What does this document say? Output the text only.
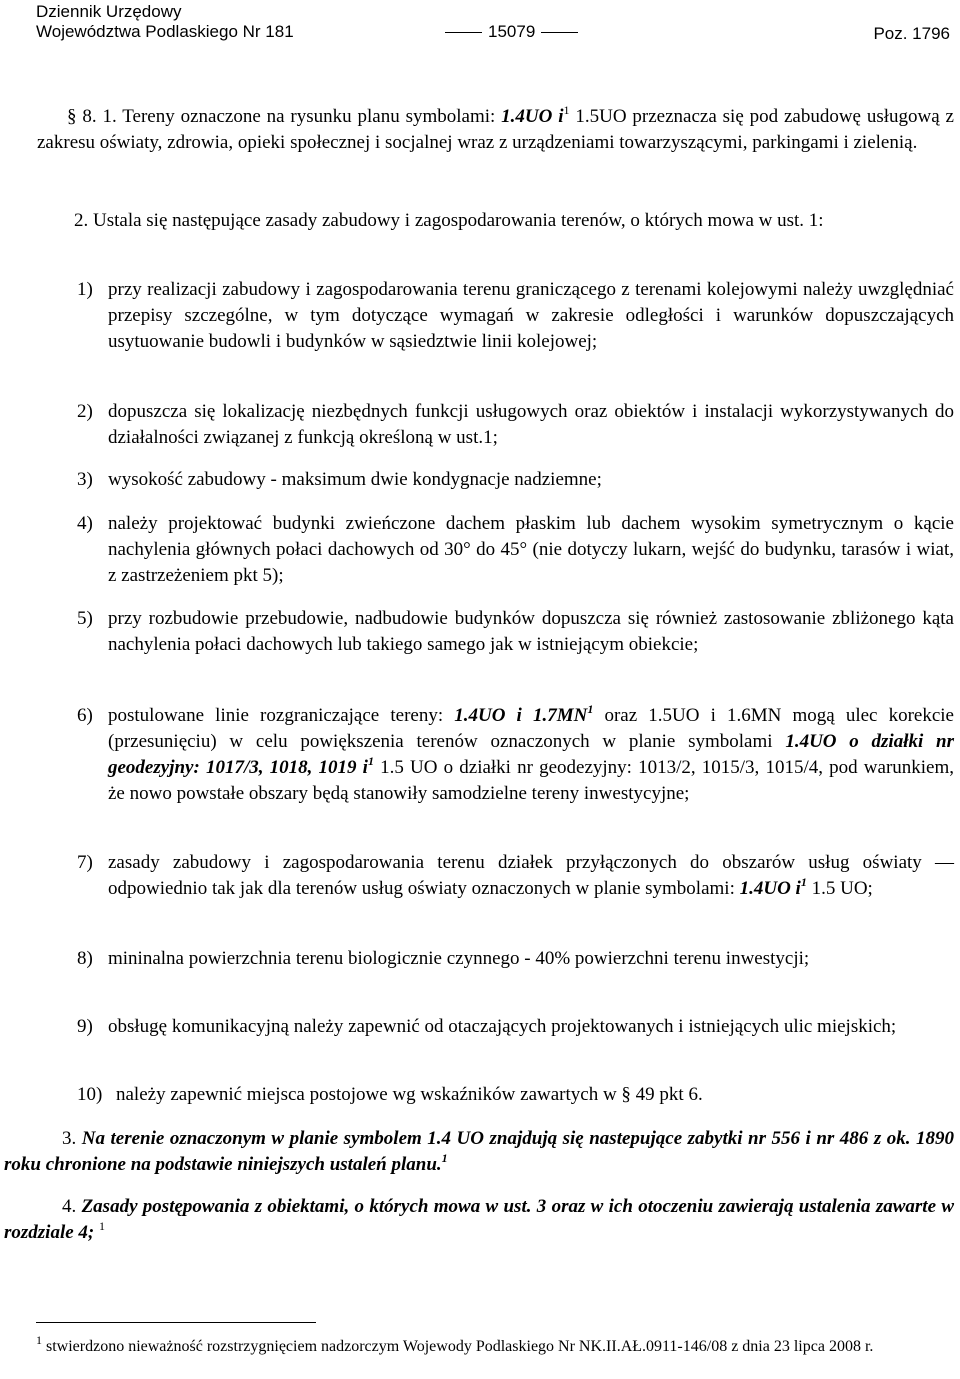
Dziennik Urzędowy
Województwa Podlaskiego Nr 181	15079	Poz. 1796
§ 8. 1. Tereny oznaczone na rysunku planu symbolami: 1.4UO $i^1$ 1.5UO przeznacza się pod zabudowę usługową z zakresu oświaty, zdrowia, opieki społecznej i socjalnej wraz z urządzeniami towarzyszącymi, parkingami i zielenią.
2. Ustala się następujące zasady zabudowy i zagospodarowania terenów, o których mowa w ust. 1:
1) przy realizacji zabudowy i zagospodarowania terenu graniczącego z terenami kolejowymi należy uwzględniać przepisy szczególne, w tym dotyczące wymagań w zakresie odległości i warunków dopuszczających usytuowanie budowli i budynków w sąsiedztwie linii kolejowej;
2) dopuszcza się lokalizację niezbędnych funkcji usługowych oraz obiektów i instalacji wykorzystywanych do działalności związanej z funkcją określoną w ust.1;
3) wysokość zabudowy - maksimum dwie kondygnacje nadziemne;
4) należy projektować budynki zwieńczone dachem płaskim lub dachem wysokim symetrycznym o kącie nachylenia głównych połaci dachowych od 30° do 45° (nie dotyczy lukarn, wejść do budynku, tarasów i wiat, z zastrzeżeniem pkt 5);
5) przy rozbudowie przebudowie, nadbudowie budynków dopuszcza się również zastosowanie zbliżonego kąta nachylenia połaci dachowych lub takiego samego jak w istniejącym obiekcie;
6) postulowane linie rozgraniczające tereny: 1.4UO i $1.7MN^1$ oraz 1.5UO i 1.6MN mogą ulec korekcie (przesunięciu) w celu powiększenia terenów oznaczonych w planie symbolami 1.4UO o działki nr geodezyjny: 1017/3, 1018, 1019 $i^1$ 1.5 UO o działki nr geodezyjny: 1013/2, 1015/3, 1015/4, pod warunkiem, że nowo powstałe obszary będą stanowiły samodzielne tereny inwestycyjne;
7) zasady zabudowy i zagospodarowania terenu działek przyłączonych do obszarów usług oświaty — odpowiednio tak jak dla terenów usług oświaty oznaczonych w planie symbolami: 1.4UO $i^1$ 1.5 UO;
8) mininalna powierzchnia terenu biologicznie czynnego - 40% powierzchni terenu inwestycji;
9) obsługę komunikacyjną należy zapewnić od otaczających projektowanych i istniejących ulic miejskich;
10) należy zapewnić miejsca postojowe wg wskaźników zawartych w § 49 pkt 6.
3. Na terenie oznaczonym w planie symbolem 1.4 UO znajdują się nastepujące zabytki nr 556 i nr 486 z ok. 1890 roku chronione na podstawie niniejszych ustaleń planu.$^1$
4. Zasady postępowania z obiektami, o których mowa w ust. 3 oraz w ich otoczeniu zawierają ustalenia zawarte w rozdziale 4; $^1$
$^1$ stwierdzono nieważność rozstrzygnięciem nadzorczym Wojewody Podlaskiego Nr NK.II.AŁ.0911-146/08 z dnia 23 lipca 2008 r.
